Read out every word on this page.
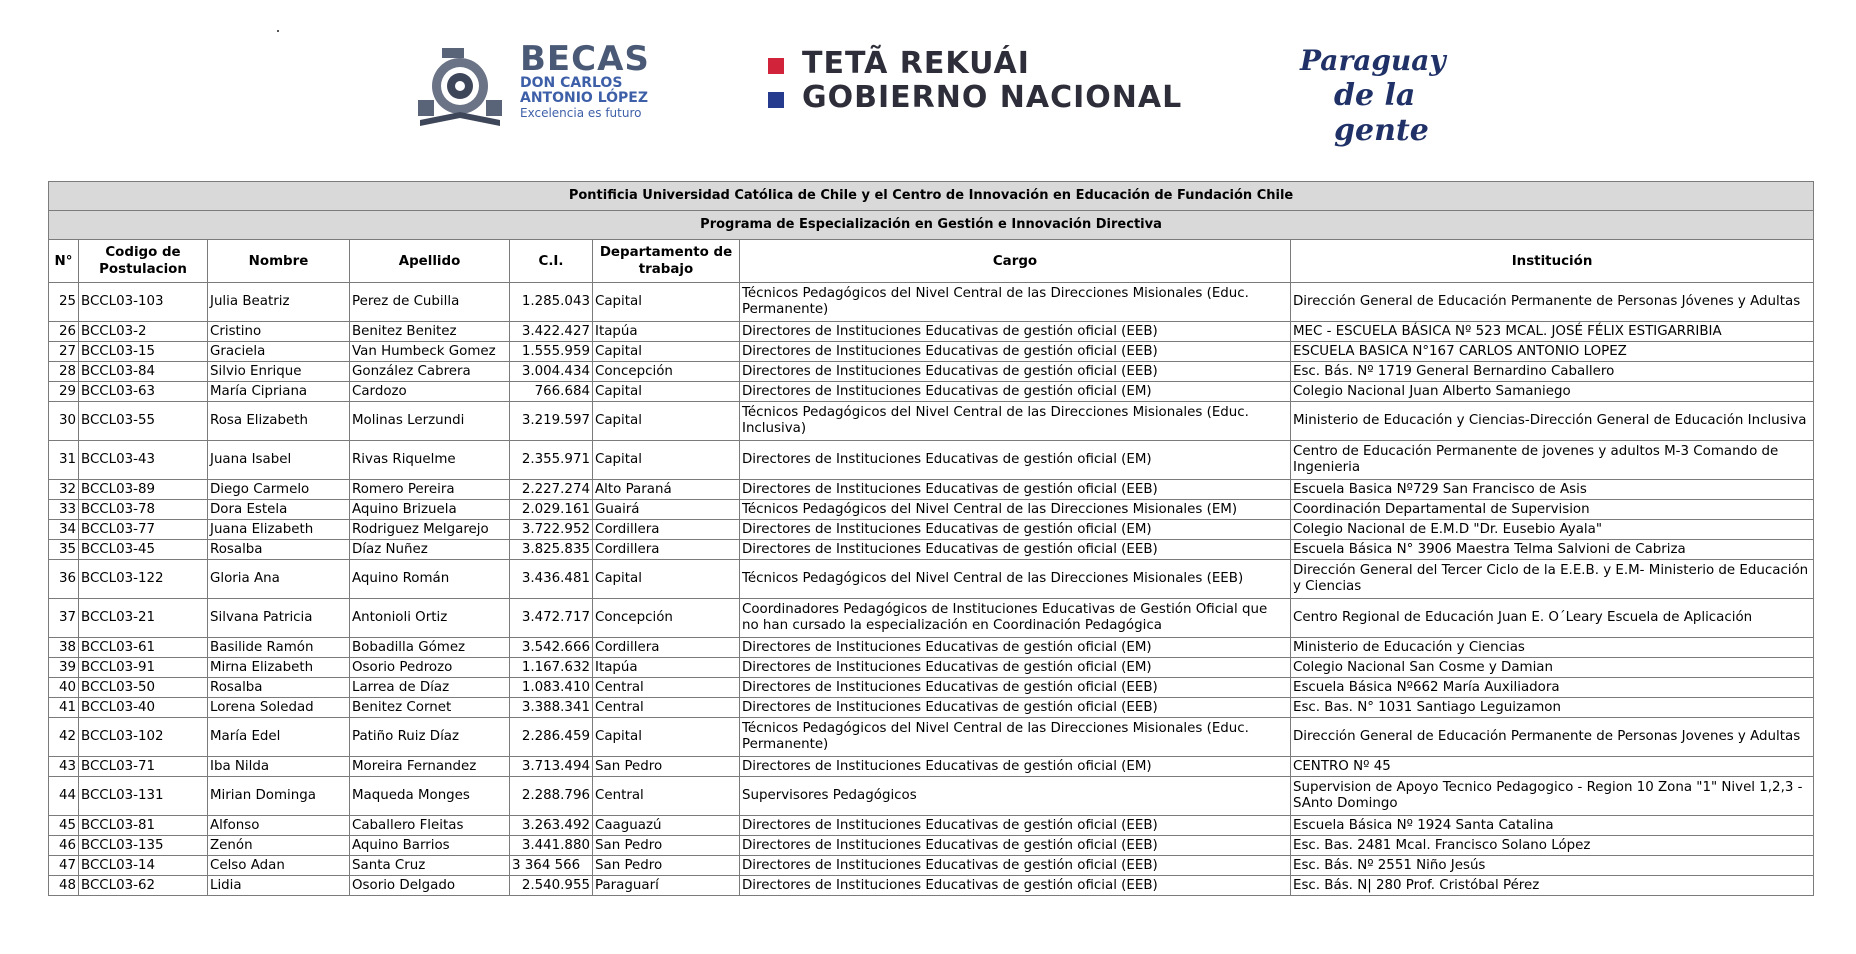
BECAS
DON CARLOS
ANTONIO LÓPEZ
Excelencia es futuro
TETÃ REKUÁI
GOBIERNO NACIONAL
Paraguay
de la gente
Pontificia Universidad Católica de Chile y el Centro de Innovación en Educación de Fundación Chile							
Programa de Especialización en Gestión e Innovación Directiva							
N°	Codigo de Postulacion	Nombre	Apellido	C.I.	Departamento de trabajo	Cargo	Institución
25	BCCL03-103	Julia Beatriz	Perez de Cubilla	1.285.043	Capital	Técnicos Pedagógicos del Nivel Central de las Direcciones Misionales (Educ. Permanente)	Dirección General de Educación Permanente de Personas Jóvenes y Adultas
26	BCCL03-2	Cristino	Benitez Benitez	3.422.427	Itapúa	Directores de Instituciones Educativas de gestión oficial (EEB)	MEC - ESCUELA BÁSICA Nº 523 MCAL. JOSÉ FÉLIX ESTIGARRIBIA
27	BCCL03-15	Graciela	Van Humbeck Gomez	1.555.959	Capital	Directores de Instituciones Educativas de gestión oficial (EEB)	ESCUELA BASICA N°167 CARLOS ANTONIO LOPEZ
28	BCCL03-84	Silvio Enrique	González Cabrera	3.004.434	Concepción	Directores de Instituciones Educativas de gestión oficial (EEB)	Esc. Bás. Nº 1719 General Bernardino Caballero
29	BCCL03-63	María Cipriana	Cardozo	766.684	Capital	Directores de Instituciones Educativas de gestión oficial (EM)	Colegio Nacional Juan Alberto Samaniego
30	BCCL03-55	Rosa Elizabeth	Molinas Lerzundi	3.219.597	Capital	Técnicos Pedagógicos del Nivel Central de las Direcciones Misionales (Educ. Inclusiva)	Ministerio de Educación y Ciencias-Dirección General de Educación Inclusiva
31	BCCL03-43	Juana Isabel	Rivas Riquelme	2.355.971	Capital	Directores de Instituciones Educativas de gestión oficial (EM)	Centro de Educación Permanente de jovenes y adultos M-3 Comando de Ingenieria
32	BCCL03-89	Diego Carmelo	Romero Pereira	2.227.274	Alto Paraná	Directores de Instituciones Educativas de gestión oficial (EEB)	Escuela Basica Nº729 San Francisco de Asis
33	BCCL03-78	Dora Estela	Aquino Brizuela	2.029.161	Guairá	Técnicos Pedagógicos del Nivel Central de las Direcciones Misionales (EM)	Coordinación Departamental de Supervision
34	BCCL03-77	Juana Elizabeth	Rodriguez Melgarejo	3.722.952	Cordillera	Directores de Instituciones Educativas de gestión oficial (EM)	Colegio Nacional de E.M.D "Dr. Eusebio Ayala"
35	BCCL03-45	Rosalba	Díaz Nuñez	3.825.835	Cordillera	Directores de Instituciones Educativas de gestión oficial (EEB)	Escuela Básica N° 3906 Maestra Telma Salvioni de Cabriza
36	BCCL03-122	Gloria Ana	Aquino Román	3.436.481	Capital	Técnicos Pedagógicos del Nivel Central de las Direcciones Misionales (EEB)	Dirección General del Tercer Ciclo de la E.E.B. y E.M- Ministerio de Educación y Ciencias
37	BCCL03-21	Silvana Patricia	Antonioli Ortiz	3.472.717	Concepción	Coordinadores Pedagógicos de Instituciones Educativas de Gestión Oficial que no han cursado la especialización en Coordinación Pedagógica	Centro Regional de Educación Juan E. O´Leary Escuela de Aplicación
38	BCCL03-61	Basilide Ramón	Bobadilla Gómez	3.542.666	Cordillera	Directores de Instituciones Educativas de gestión oficial (EM)	Ministerio de Educación y Ciencias
39	BCCL03-91	Mirna Elizabeth	Osorio Pedrozo	1.167.632	Itapúa	Directores de Instituciones Educativas de gestión oficial (EM)	Colegio Nacional San Cosme y Damian
40	BCCL03-50	Rosalba	Larrea de Díaz	1.083.410	Central	Directores de Instituciones Educativas de gestión oficial (EEB)	Escuela Básica Nº662 María Auxiliadora
41	BCCL03-40	Lorena Soledad	Benitez Cornet	3.388.341	Central	Directores de Instituciones Educativas de gestión oficial (EEB)	Esc. Bas. N° 1031 Santiago Leguizamon
42	BCCL03-102	María Edel	Patiño Ruiz Díaz	2.286.459	Capital	Técnicos Pedagógicos del Nivel Central de las Direcciones Misionales (Educ. Permanente)	Dirección General de Educación Permanente de Personas Jovenes y Adultas
43	BCCL03-71	Iba Nilda	Moreira Fernandez	3.713.494	San Pedro	Directores de Instituciones Educativas de gestión oficial (EM)	CENTRO Nº 45
44	BCCL03-131	Mirian Dominga	Maqueda Monges	2.288.796	Central	Supervisores Pedagógicos	Supervision de Apoyo Tecnico Pedagogico - Region 10 Zona "1" Nivel 1,2,3 - SAnto Domingo
45	BCCL03-81	Alfonso	Caballero Fleitas	3.263.492	Caaguazú	Directores de Instituciones Educativas de gestión oficial (EEB)	Escuela Básica Nº 1924 Santa Catalina
46	BCCL03-135	Zenón	Aquino Barrios	3.441.880	San Pedro	Directores de Instituciones Educativas de gestión oficial (EEB)	Esc. Bas. 2481 Mcal. Francisco Solano López
47	BCCL03-14	Celso Adan	Santa Cruz	3 364 566	San Pedro	Directores de Instituciones Educativas de gestión oficial (EEB)	Esc. Bás. Nº 2551 Niño Jesús
48	BCCL03-62	Lidia	Osorio Delgado	2.540.955	Paraguarí	Directores de Instituciones Educativas de gestión oficial (EEB)	Esc. Bás. N| 280 Prof. Cristóbal Pérez
